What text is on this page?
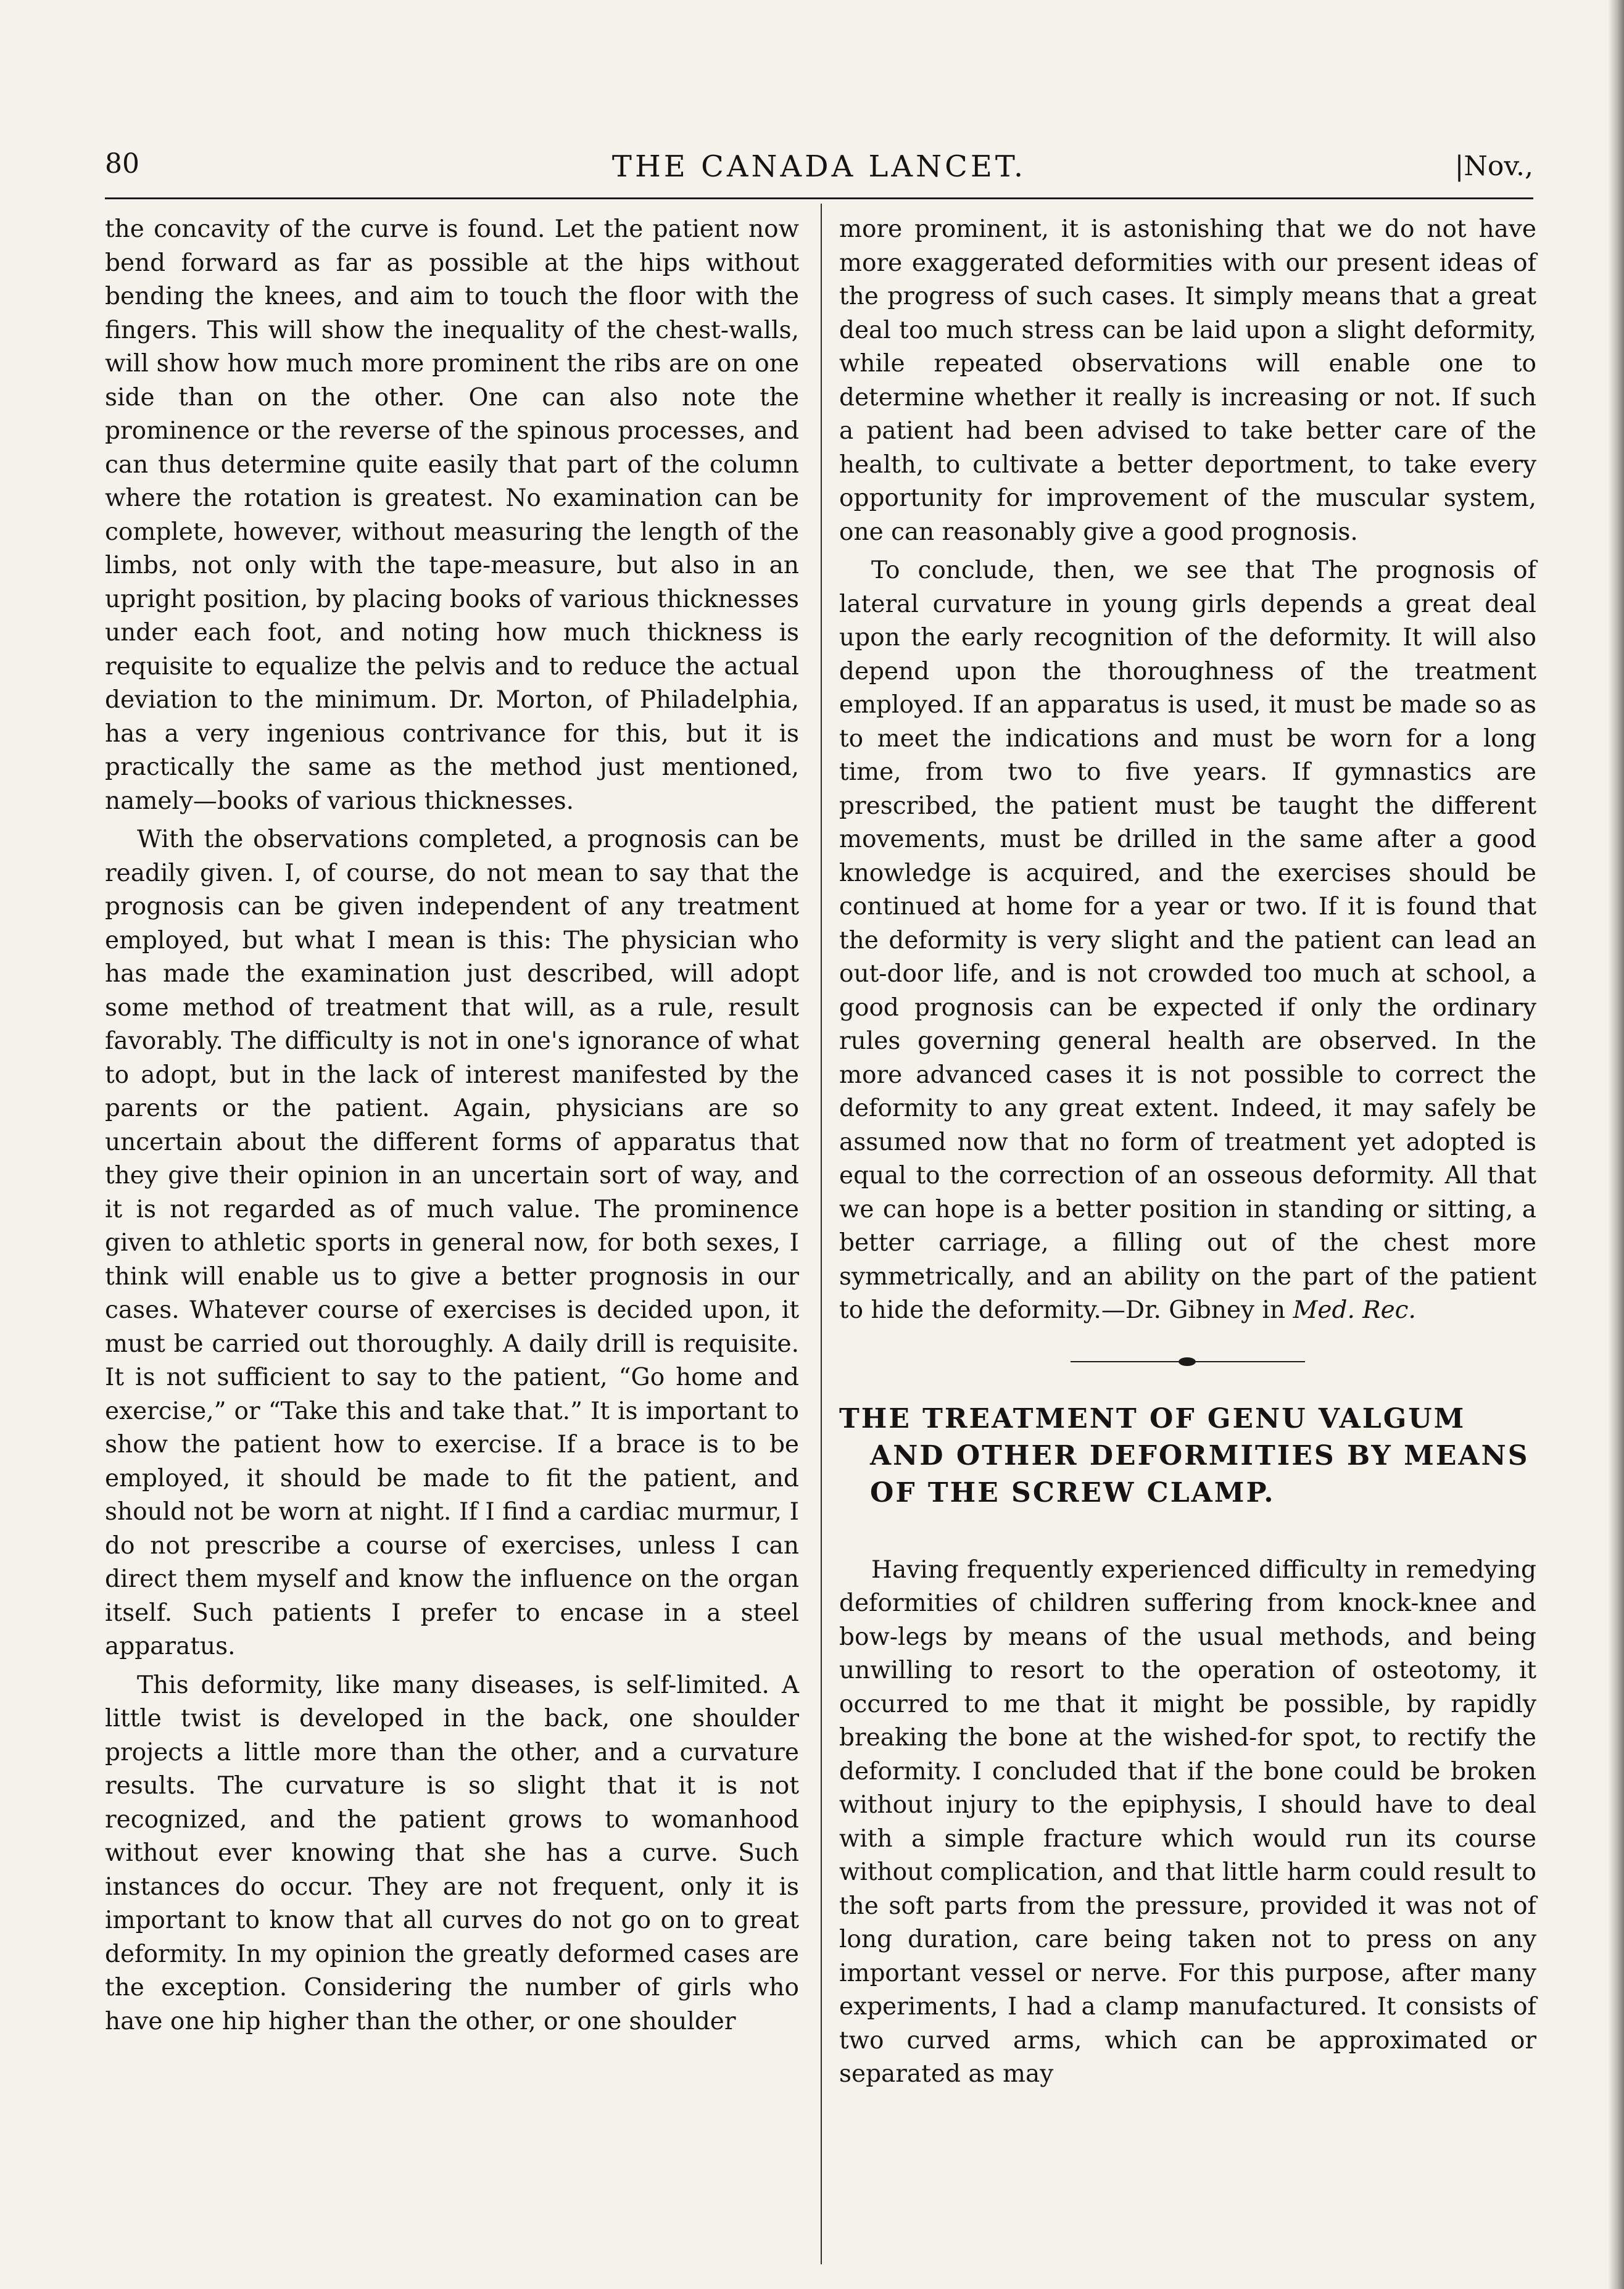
80	THE CANADA LANCET.	|Nov.,

the concavity of the curve is found. Let the patient now bend forward as far as possible at the hips without bending the knees, and aim to touch the floor with the fingers. This will show the inequality of the chest-walls, will show how much more prominent the ribs are on one side than on the other. One can also note the prominence or the reverse of the spinous processes, and can thus determine quite easily that part of the column where the rotation is greatest. No examination can be complete, however, without measuring the length of the limbs, not only with the tape-measure, but also in an upright position, by placing books of various thicknesses under each foot, and noting how much thickness is requisite to equalize the pelvis and to reduce the actual deviation to the minimum. Dr. Morton, of Philadelphia, has a very ingenious contrivance for this, but it is practically the same as the method just mentioned, namely—books of various thicknesses.

With the observations completed, a prognosis can be readily given. I, of course, do not mean to say that the prognosis can be given independent of any treatment employed, but what I mean is this: The physician who has made the examination just described, will adopt some method of treatment that will, as a rule, result favorably. The difficulty is not in one's ignorance of what to adopt, but in the lack of interest manifested by the parents or the patient. Again, physicians are so uncertain about the different forms of apparatus that they give their opinion in an uncertain sort of way, and it is not regarded as of much value. The prominence given to athletic sports in general now, for both sexes, I think will enable us to give a better prognosis in our cases. Whatever course of exercises is decided upon, it must be carried out thoroughly. A daily drill is requisite. It is not sufficient to say to the patient, “Go home and exercise,” or “Take this and take that.” It is important to show the patient how to exercise. If a brace is to be employed, it should be made to fit the patient, and should not be worn at night. If I find a cardiac murmur, I do not prescribe a course of exercises, unless I can direct them myself and know the influence on the organ itself. Such patients I prefer to encase in a steel apparatus.

This deformity, like many diseases, is self-limited. A little twist is developed in the back, one shoulder projects a little more than the other, and a curvature results. The curvature is so slight that it is not recognized, and the patient grows to womanhood without ever knowing that she has a curve. Such instances do occur. They are not frequent, only it is important to know that all curves do not go on to great deformity. In my opinion the greatly deformed cases are the exception. Considering the number of girls who have one hip higher than the other, or one shoulder

more prominent, it is astonishing that we do not have more exaggerated deformities with our present ideas of the progress of such cases. It simply means that a great deal too much stress can be laid upon a slight deformity, while repeated observations will enable one to determine whether it really is increasing or not. If such a patient had been advised to take better care of the health, to cultivate a better deportment, to take every opportunity for improvement of the muscular system, one can reasonably give a good prognosis.

To conclude, then, we see that The prognosis of lateral curvature in young girls depends a great deal upon the early recognition of the deformity. It will also depend upon the thoroughness of the treatment employed. If an apparatus is used, it must be made so as to meet the indications and must be worn for a long time, from two to five years. If gymnastics are prescribed, the patient must be taught the different movements, must be drilled in the same after a good knowledge is acquired, and the exercises should be continued at home for a year or two. If it is found that the deformity is very slight and the patient can lead an out-door life, and is not crowded too much at school, a good prognosis can be expected if only the ordinary rules governing general health are observed. In the more advanced cases it is not possible to correct the deformity to any great extent. Indeed, it may safely be assumed now that no form of treatment yet adopted is equal to the correction of an osseous deformity. All that we can hope is a better position in standing or sitting, a better carriage, a filling out of the chest more symmetrically, and an ability on the part of the patient to hide the deformity.—Dr. Gibney in Med. Rec.

THE TREATMENT OF GENU VALGUM
AND OTHER DEFORMITIES BY MEANS
OF THE SCREW CLAMP.

Having frequently experienced difficulty in remedying deformities of children suffering from knock-knee and bow-legs by means of the usual methods, and being unwilling to resort to the operation of osteotomy, it occurred to me that it might be possible, by rapidly breaking the bone at the wished-for spot, to rectify the deformity. I concluded that if the bone could be broken without injury to the epiphysis, I should have to deal with a simple fracture which would run its course without complication, and that little harm could result to the soft parts from the pressure, provided it was not of long duration, care being taken not to press on any important vessel or nerve. For this purpose, after many experiments, I had a clamp manufactured. It consists of two curved arms, which can be approximated or separated as may
